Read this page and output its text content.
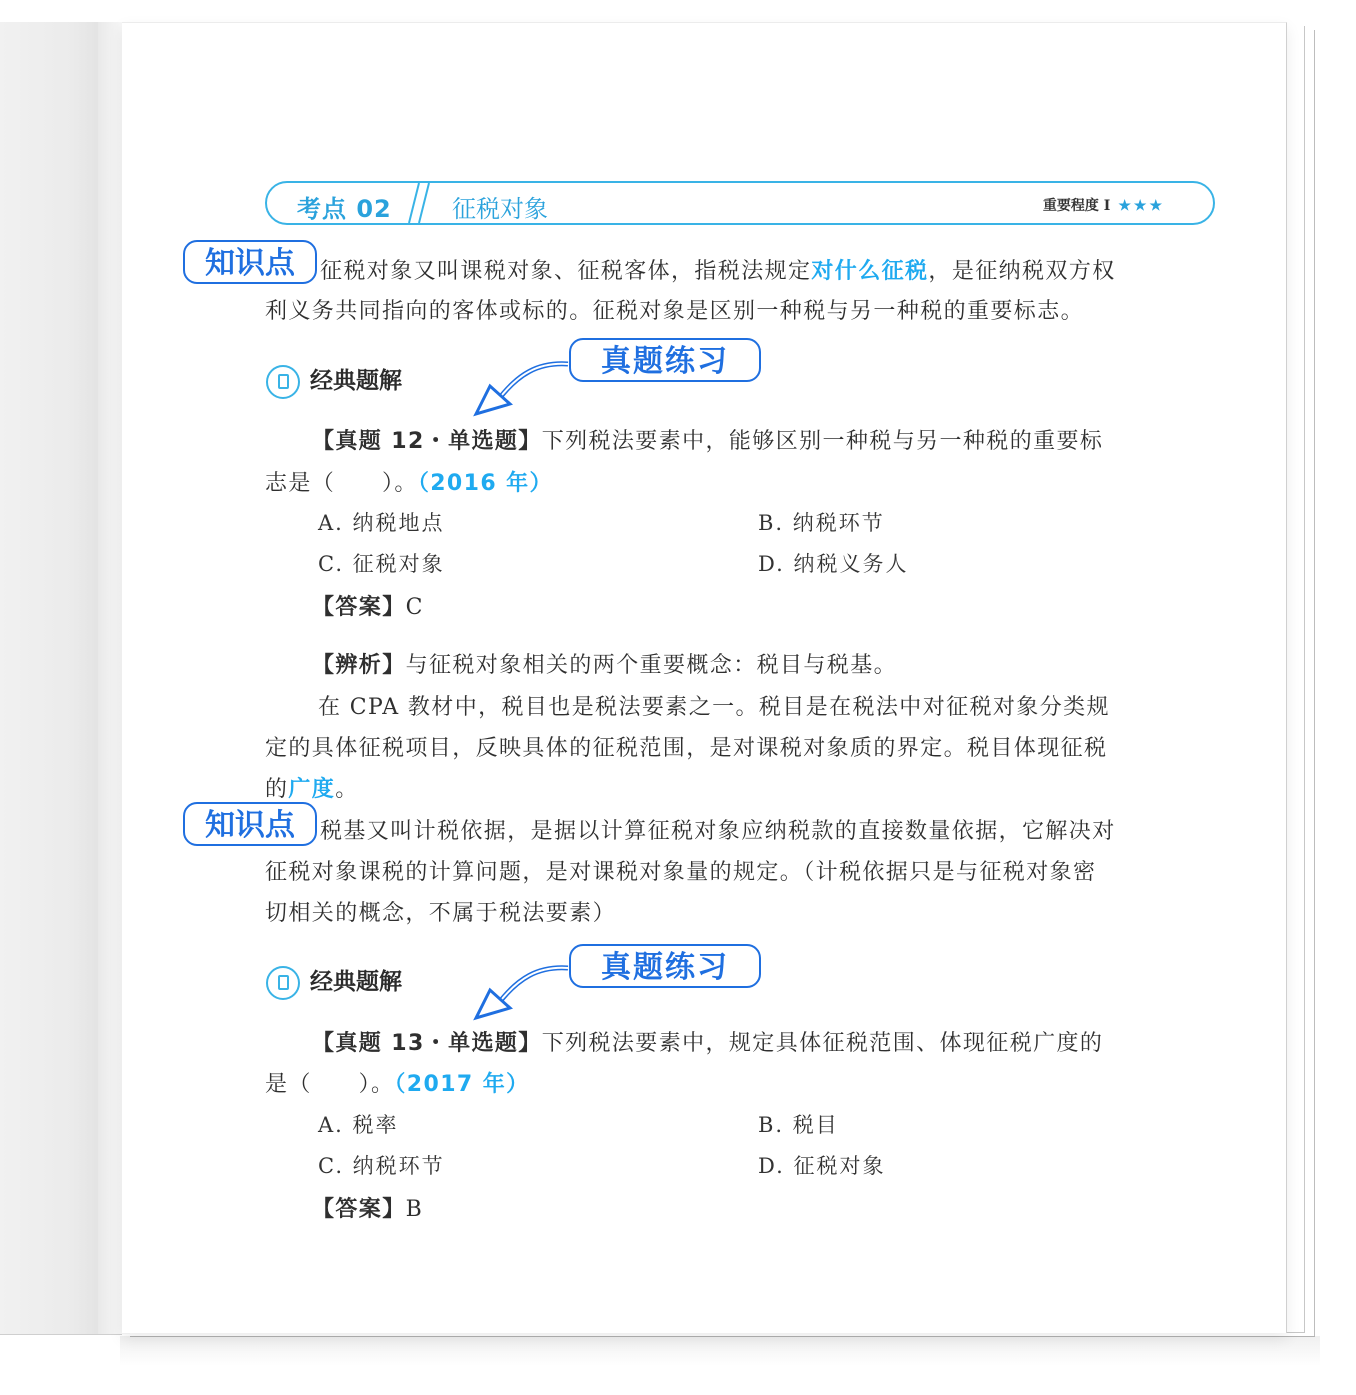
考点 02	征税对象	重要程度 I ★★★
知识点	征税对象又叫课税对象、征税客体，指税法规定对什么征税，是征纳税双方权
利义务共同指向的客体或标的。征税对象是区别一种税与另一种税的重要标志。
经典题解
真题练习
【真题 12・单选题】下列税法要素中，能够区别一种税与另一种税的重要标
志是（　　）。（2016 年）
A. 纳税地点	B. 纳税环节
C. 征税对象	D. 纳税义务人
【答案】C
【辨析】与征税对象相关的两个重要概念：税目与税基。
在 CPA 教材中，税目也是税法要素之一。税目是在税法中对征税对象分类规
定的具体征税项目，反映具体的征税范围，是对课税对象质的界定。税目体现征税
的广度。
知识点	税基又叫计税依据，是据以计算征税对象应纳税款的直接数量依据，它解决对
征税对象课税的计算问题，是对课税对象量的规定。（计税依据只是与征税对象密
切相关的概念，不属于税法要素）
经典题解	真题练习
【真题 13・单选题】下列税法要素中，规定具体征税范围、体现征税广度的
是（　　）。（2017 年）
A. 税率	B. 税目
C. 纳税环节	D. 征税对象
【答案】B
